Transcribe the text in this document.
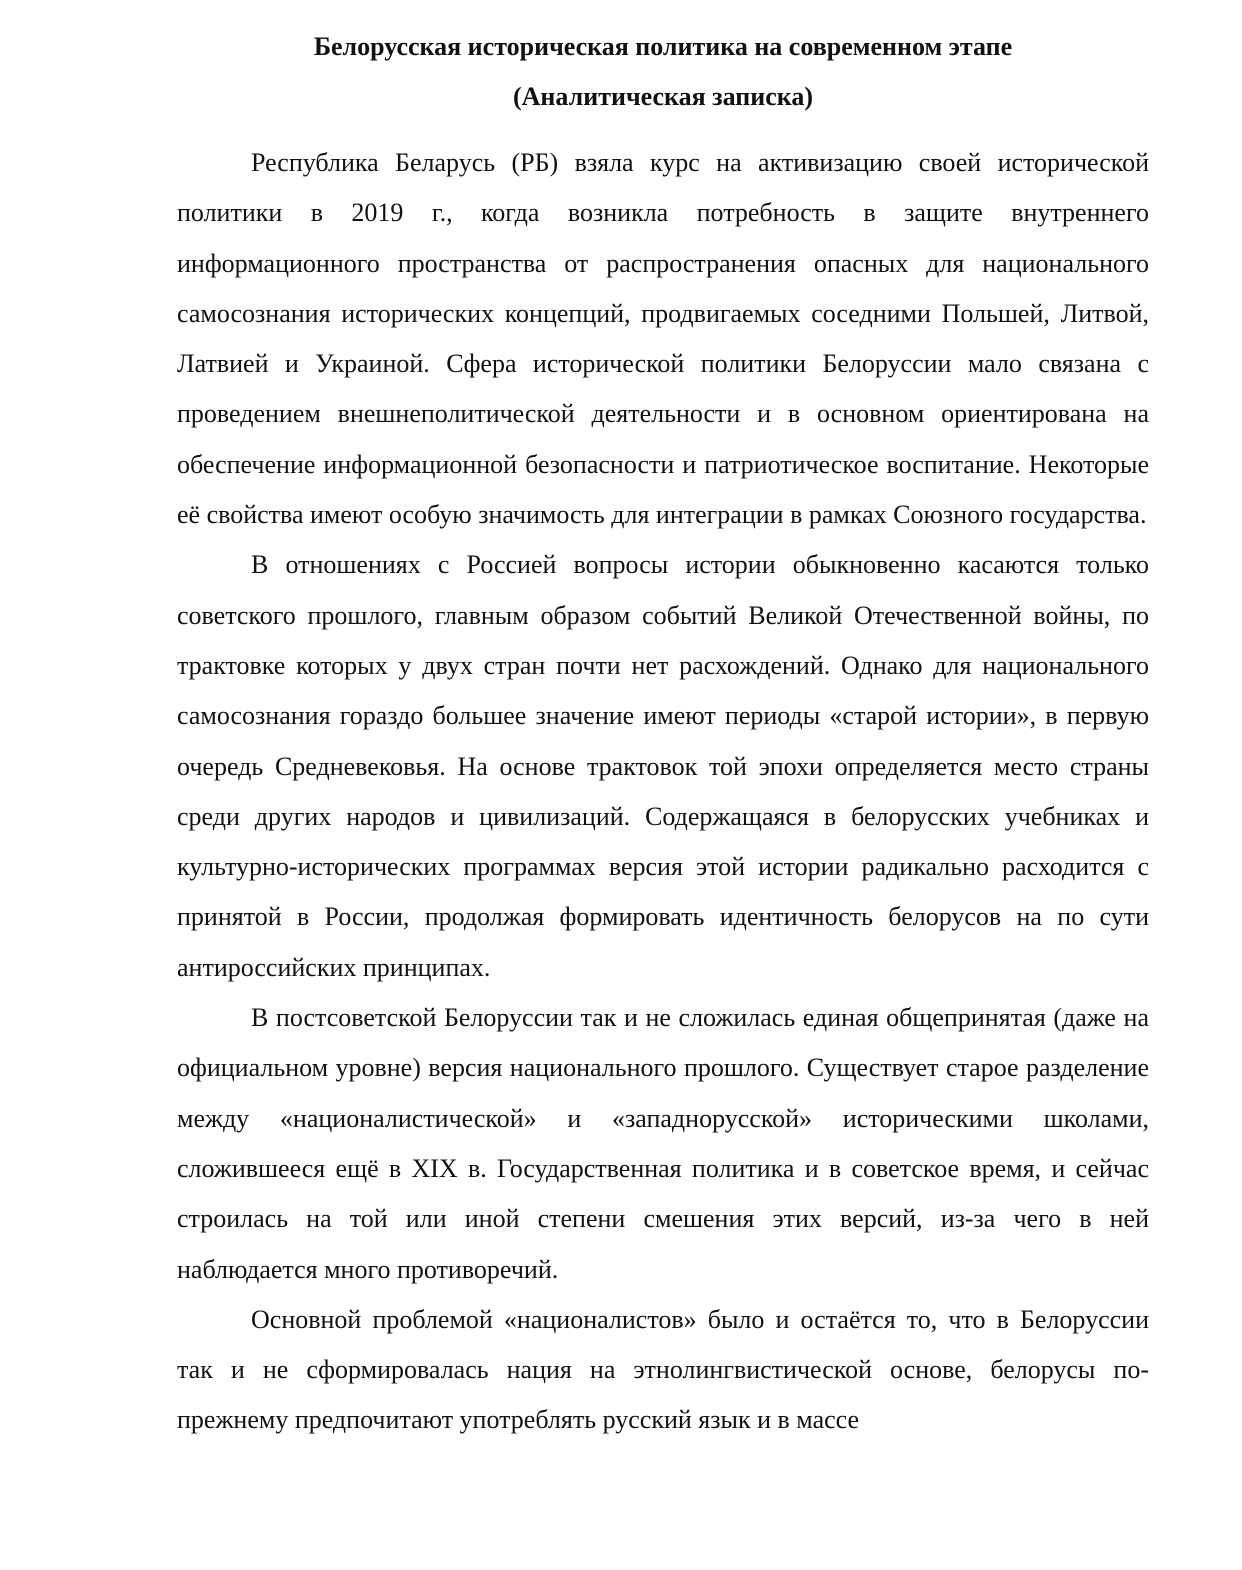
Белорусская историческая политика на современном этапе
(Аналитическая записка)

Республика Беларусь (РБ) взяла курс на активизацию своей исторической политики в 2019 г., когда возникла потребность в защите внутреннего информационного пространства от распространения опасных для национального самосознания исторических концепций, продвигаемых соседними Польшей, Литвой, Латвией и Украиной. Сфера исторической политики Белоруссии мало связана с проведением внешнеполитической деятельности и в основном ориентирована на обеспечение информационной безопасности и патриотическое воспитание. Некоторые её свойства имеют особую значимость для интеграции в рамках Союзного государства.

В отношениях с Россией вопросы истории обыкновенно касаются только советского прошлого, главным образом событий Великой Отечественной войны, по трактовке которых у двух стран почти нет расхождений. Однако для национального самосознания гораздо большее значение имеют периоды «старой истории», в первую очередь Средневековья. На основе трактовок той эпохи определяется место страны среди других народов и цивилизаций. Содержащаяся в белорусских учебниках и культурно-исторических программах версия этой истории радикально расходится с принятой в России, продолжая формировать идентичность белорусов на по сути антироссийских принципах.

В постсоветской Белоруссии так и не сложилась единая общепринятая (даже на официальном уровне) версия национального прошлого. Существует старое разделение между «националистической» и «западнорусской» историческими школами, сложившееся ещё в XIX в. Государственная политика и в советское время, и сейчас строилась на той или иной степени смешения этих версий, из-за чего в ней наблюдается много противоречий.

Основной проблемой «националистов» было и остаётся то, что в Белоруссии так и не сформировалась нация на этнолингвистической основе, белорусы по-прежнему предпочитают употреблять русский язык и в массе
